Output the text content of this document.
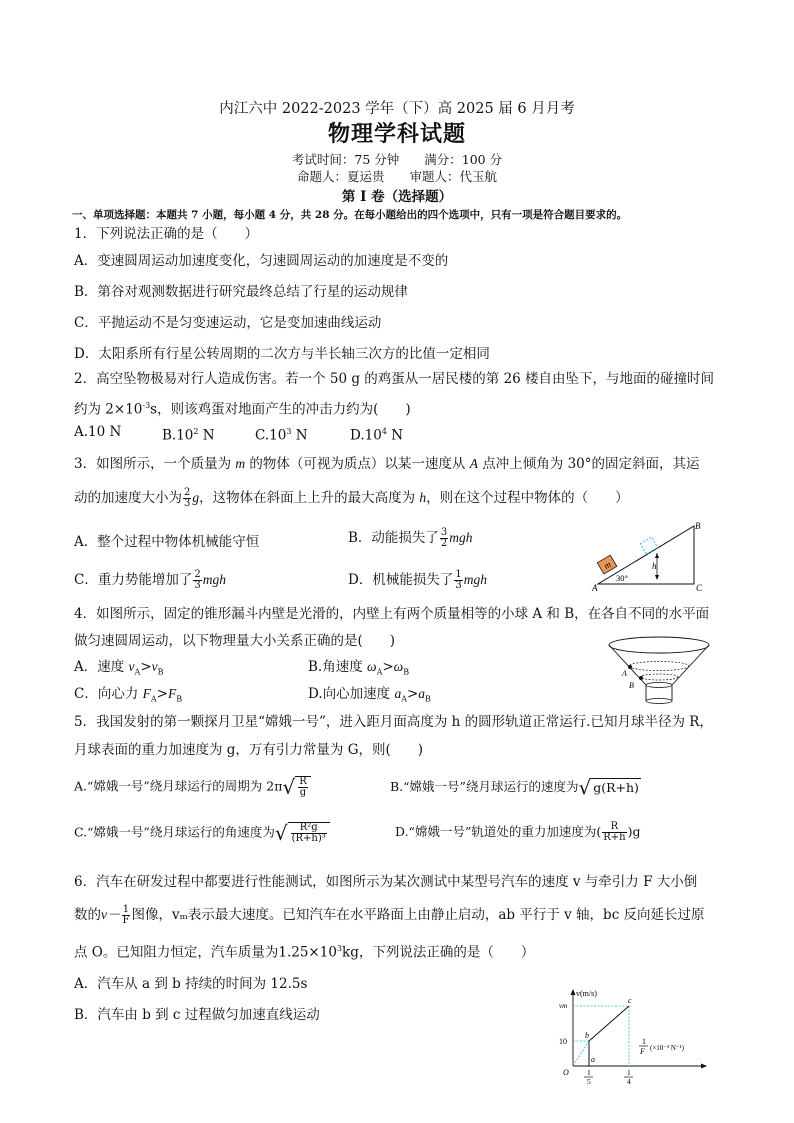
内江六中 2022-2023 学年（下）高 2025 届 6 月月考
物理学科试题
考试时间：75 分钟　　满分：100 分
命题人：夏运贵　　审题人：代玉航
第 I 卷（选择题）
一、单项选择题：本题共 7 小题，每小题 4 分，共 28 分。在每小题给出的四个选项中，只有一项是符合题目要求的。
1．下列说法正确的是（　　）
A．变速圆周运动加速度变化，匀速圆周运动的加速度是不变的
B．第谷对观测数据进行研究最终总结了行星的运动规律
C．平抛运动不是匀变速运动，它是变加速曲线运动
D．太阳系所有行星公转周期的二次方与半长轴三次方的比值一定相同
2．高空坠物极易对行人造成伤害。若一个 50 g 的鸡蛋从一居民楼的第 26 楼自由坠下，与地面的碰撞时间
约为 $2\times 10^{-3}s$，则该鸡蛋对地面产生的冲击力约为(　　)
A.10 N	$B.10^2$ N	$C.10^3$ N	$D.10^4$ N
3．如图所示，一个质量为 m 的物体（可视为质点）以某一速度从 A 点冲上倾角为 30°的固定斜面，其运
动的加速度大小为 $\frac{2}{3}$ g，这物体在斜面上上升的最大高度为 h，则在这个过程中物体的（　　）
A．整个过程中物体机械能守恒	B．动能损失了 $\frac{3}{2}$ mgh
C．重力势能增加了 $\frac{2}{3}$ mgh	D．机械能损失了 $\frac{1}{3}$ mgh
m	h
30°
A	C
B
4．如图所示，固定的锥形漏斗内壁是光滑的，内壁上有两个质量相等的小球 A 和 B，在各自不同的水平面
做匀速圆周运动，以下物理量大小关系正确的是(　　)
A．速度 $v_A>v_B$	B.角速度 $\omega_A>\omega_B$
C．向心力 $F_A>F_B$	D.向心加速度 $a_A>a_B$
A
B
5．我国发射的第一颗探月卫星“嫦娥一号”，进入距月面高度为 h 的圆形轨道正常运行.已知月球半径为 R，
月球表面的重力加速度为 g，万有引力常量为 G，则(　　)
A.“嫦娥一号”绕月球运行的周期为 $2\pi√ \frac{R}{g}$	B.“嫦娥一号”绕月球运行的速度为√ g(R+h)
C.“嫦娥一号”绕月球运行的角速度为√ $\frac{\text{R²g}}{\text{(R+h)³}}$	D.“嫦娥一号”轨道处的重力加速度为( $\frac{R}{R+h} )g$
6．汽车在研发过程中都要进行性能测试，如图所示为某次测试中某型号汽车的速度 v 与牵引力 F 大小倒
数的$v- \frac{1}{F}$ 图像，vₘ表示最大速度。已知汽车在水平路面上由静止启动，ab 平行于 v 轴，bc 反向延长过原
点 O。已知阻力恒定，汽车质量为$1.25\times 10^3kg$，下列说法正确的是（　　）
A．汽车从 a 到 b 持续的时间为 12.5s
B．汽车由 b 到 c 过程做匀加速直线运动
v(m/s)
vm
10
O
b
a
c
1
F (×10⁻³ N⁻¹)
1
5
1
4
